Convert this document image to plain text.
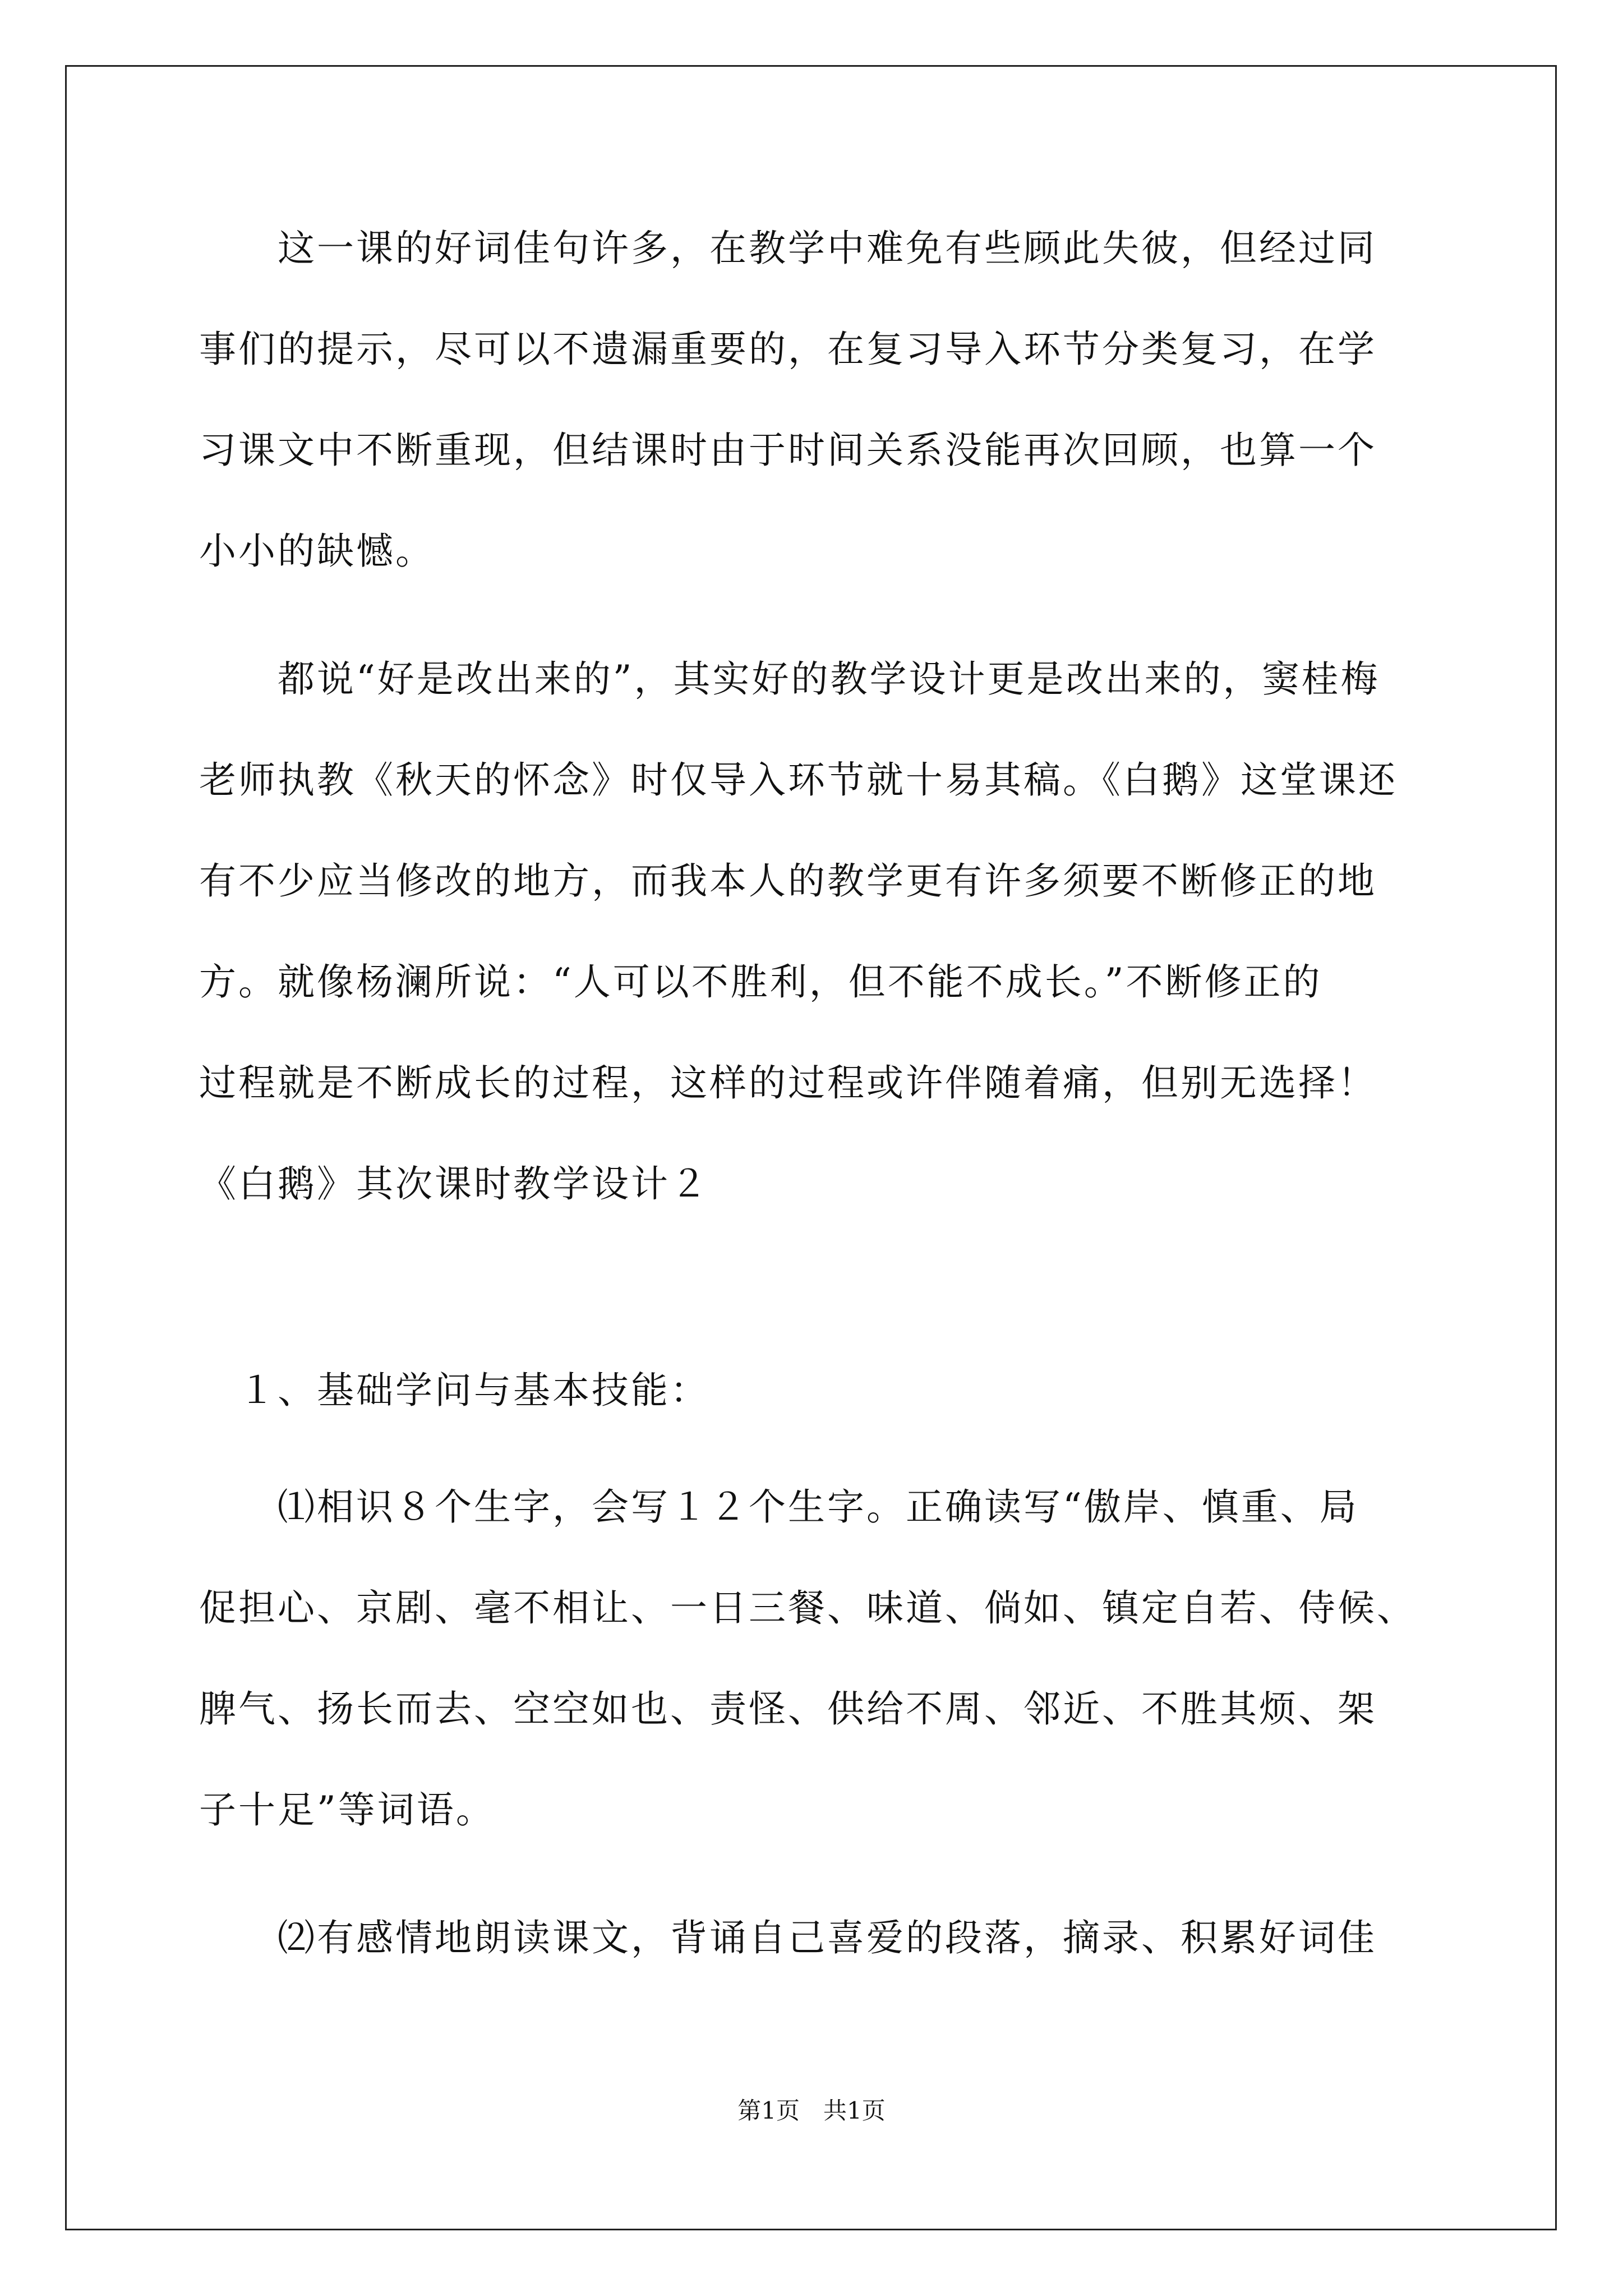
　　这一课的好词佳句许多，在教学中难免有些顾此失彼，但经过同
事们的提示，尽可以不遗漏重要的，在复习导入环节分类复习，在学
习课文中不断重现，但结课时由于时间关系没能再次回顾，也算一个
小小的缺憾。
　　都说“好是改出来的”，其实好的教学设计更是改出来的，窦桂梅
老师执教《秋天的怀念》时仅导入环节就十易其稿。《白鹅》这堂课还
有不少应当修改的地方，而我本人的教学更有许多须要不断修正的地
方。就像杨澜所说：“人可以不胜利，但不能不成长。”不断修正的
过程就是不断成长的过程，这样的过程或许伴随着痛，但别无选择！
《白鹅》其次课时教学设计２
　１、基础学问与基本技能：
　　⑴相识８个生字，会写１２个生字。正确读写“傲岸、慎重、局
促担心、京剧、毫不相让、一日三餐、味道、倘如、镇定自若、侍候、
脾气、扬长而去、空空如也、责怪、供给不周、邻近、不胜其烦、架
子十足”等词语。
　　⑵有感情地朗读课文，背诵自己喜爱的段落，摘录、积累好词佳
第1页　共1页
